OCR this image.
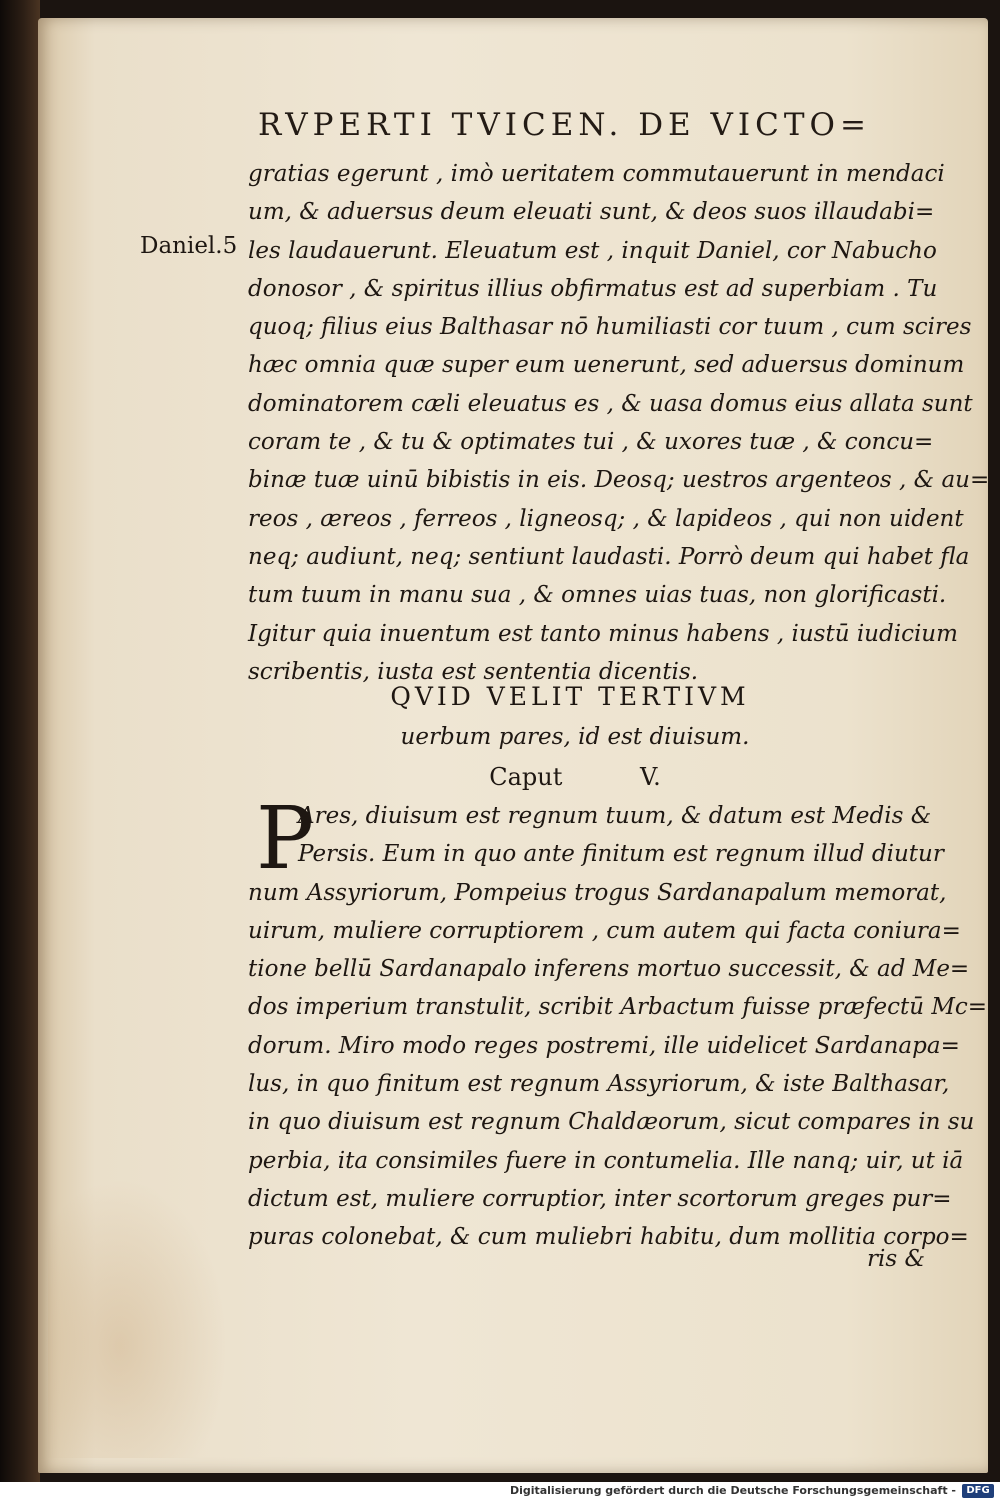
RVPERTI TVICEN. DE VICTO=
Daniel.5
gratias egerunt , imò ueritatem commutauerunt in mendaci
um, & aduersus deum eleuati sunt, & deos suos illaudabi=
les laudauerunt. Eleuatum est , inquit Daniel, cor Nabucho
donosor , & spiritus illius obfirmatus est ad superbiam . Tu
quoq; filius eius Balthasar nō humiliasti cor tuum , cum scires
hæc omnia quæ super eum uenerunt, sed aduersus dominum
dominatorem cæli eleuatus es , & uasa domus eius allata sunt
coram te , & tu & optimates tui , & uxores tuæ , & concu=
binæ tuæ uinū bibistis in eis. Deosq; uestros argenteos , & au=
reos , æreos , ferreos , ligneosq; , & lapideos , qui non uident
neq; audiunt, neq; sentiunt laudasti. Porrò deum qui habet fla
tum tuum in manu sua , & omnes uias tuas, non glorificasti.
Igitur quia inuentum est tanto minus habens , iustū iudicium
scribentis, iusta est sententia dicentis.
QVID VELIT TERTIVM
uerbum pares, id est diuisum.
Caput V.
P
Ares, diuisum est regnum tuum, & datum est Medis &
Persis. Eum in quo ante finitum est regnum illud diutur
num Assyriorum, Pompeius trogus Sardanapalum memorat,
uirum, muliere corruptiorem , cum autem qui facta coniura=
tione bellū Sardanapalo inferens mortuo successit, & ad Me=
dos imperium transtulit, scribit Arbactum fuisse præfectū Mc=
dorum. Miro modo reges postremi, ille uidelicet Sardanapa=
lus, in quo finitum est regnum Assyriorum, & iste Balthasar,
in quo diuisum est regnum Chaldæorum, sicut compares in su
perbia, ita consimiles fuere in contumelia. Ille nanq; uir, ut iā
dictum est, muliere corruptior, inter scortorum greges pur=
puras colonebat, & cum muliebri habitu, dum mollitia corpo=
ris &
Digitalisierung gefördert durch die Deutsche Forschungsgemeinschaft -	DFG
